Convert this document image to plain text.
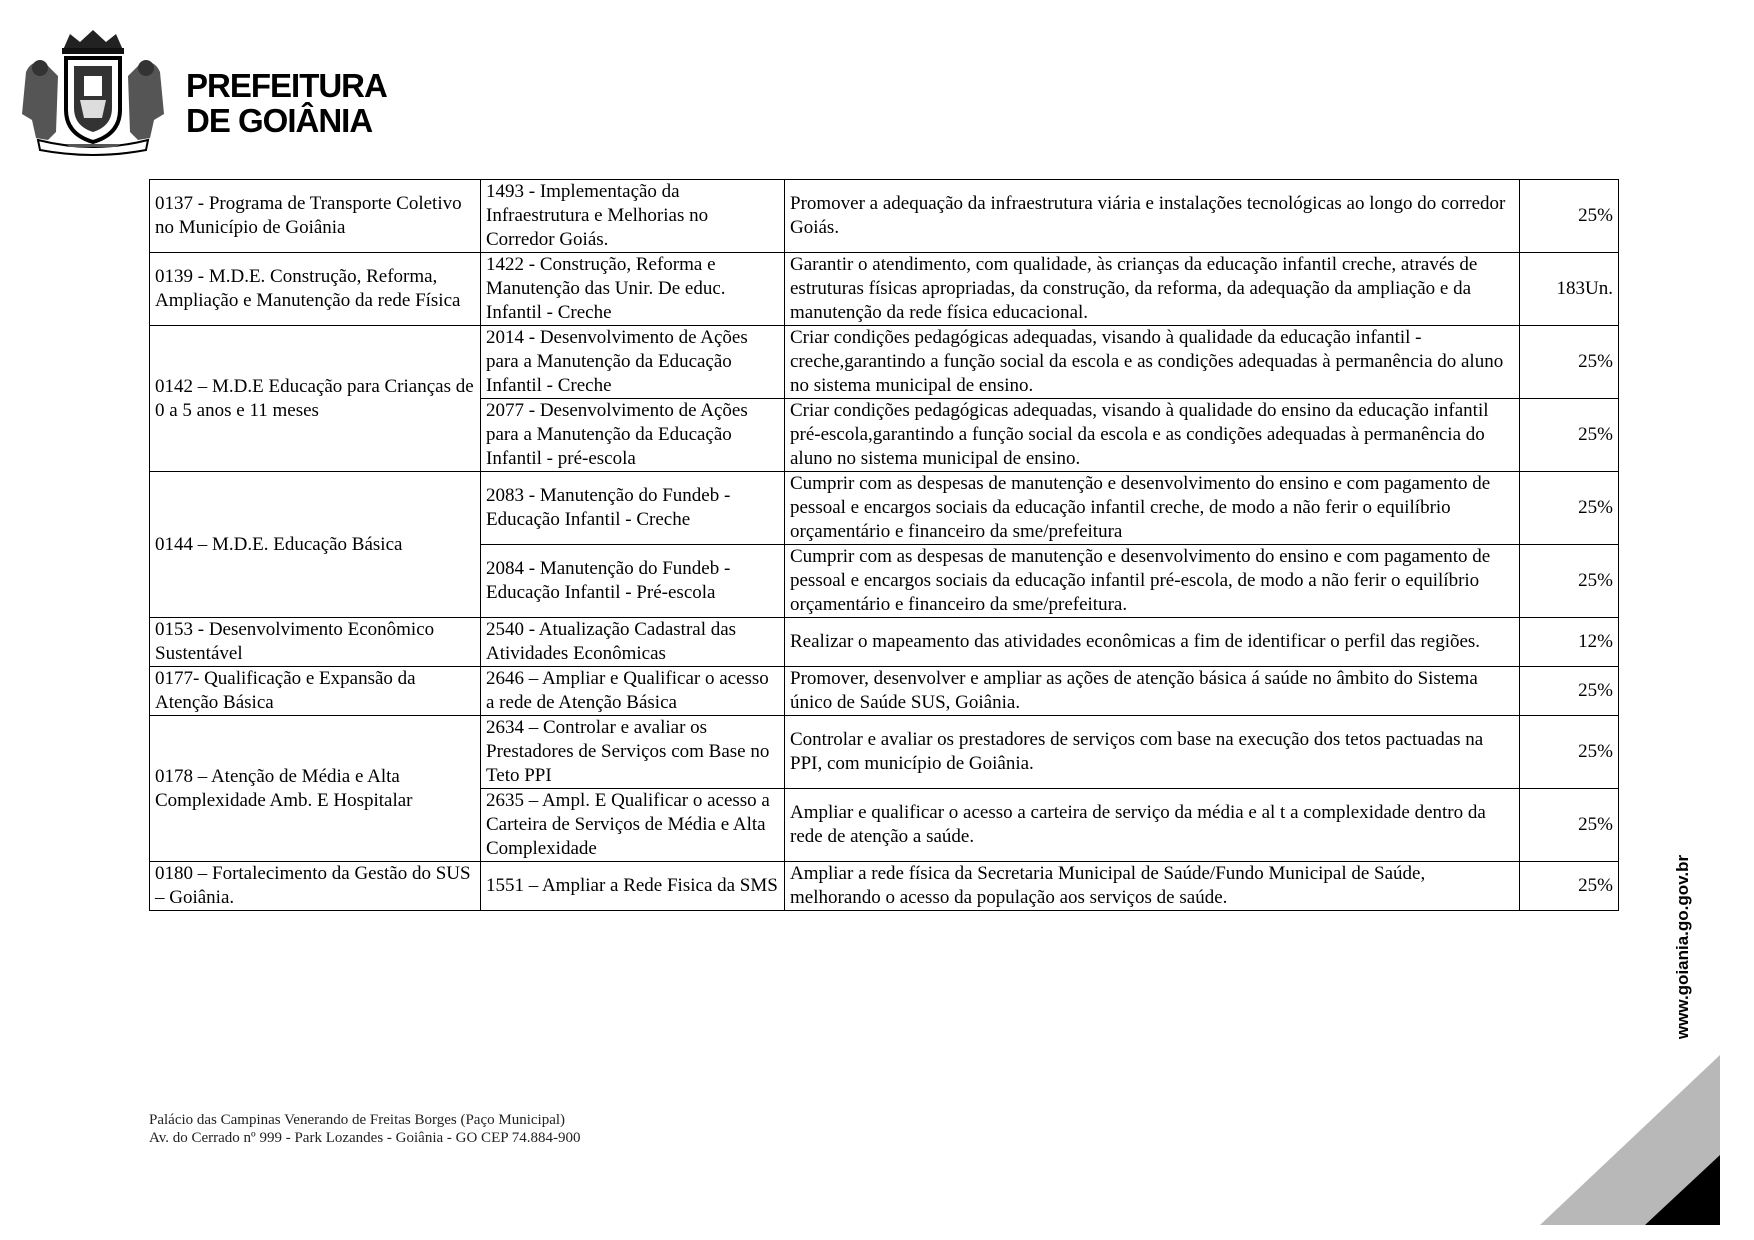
PREFEITURA
DE GOIÂNIA
0137 - Programa de Transporte Coletivo no Município de Goiânia	1493 - Implementação da Infraestrutura e Melhorias no Corredor Goiás.	Promover a adequação da infraestrutura viária e instalações tecnológicas ao longo do corredor Goiás.	25%
0139 - M.D.E. Construção, Reforma, Ampliação e Manutenção da rede Física	1422 - Construção, Reforma e Manutenção das Unir. De educ. Infantil - Creche	Garantir o atendimento, com qualidade, às crianças da educação infantil creche, através de estruturas físicas apropriadas, da construção, da reforma, da adequação da ampliação e da manutenção da rede física educacional.	183Un.
0142 – M.D.E Educação para Crianças de 0 a 5 anos e 11 meses	2014 - Desenvolvimento de Ações para a Manutenção da Educação Infantil - Creche	Criar condições pedagógicas adequadas, visando à qualidade da educação infantil - creche,garantindo a função social da escola e as condições adequadas à permanência do aluno no sistema municipal de ensino.	25%
	2077 - Desenvolvimento de Ações para a Manutenção da Educação Infantil - pré-escola	Criar condições pedagógicas adequadas, visando à qualidade do ensino da educação infantil pré-escola,garantindo a função social da escola e as condições adequadas à permanência do aluno no sistema municipal de ensino.	25%
0144 – M.D.E. Educação Básica	2083 - Manutenção do Fundeb - Educação Infantil - Creche	Cumprir com as despesas de manutenção e desenvolvimento do ensino e com pagamento de pessoal e encargos sociais da educação infantil creche, de modo a não ferir o equilíbrio orçamentário e financeiro da sme/prefeitura	25%
	2084 - Manutenção do Fundeb - Educação Infantil - Pré-escola	Cumprir com as despesas de manutenção e desenvolvimento do ensino e com pagamento de pessoal e encargos sociais da educação infantil pré-escola, de modo a não ferir o equilíbrio orçamentário e financeiro da sme/prefeitura.	25%
0153 - Desenvolvimento Econômico Sustentável	2540 - Atualização Cadastral das Atividades Econômicas	Realizar o mapeamento das atividades econômicas a fim de identificar o perfil das regiões.	12%
0177- Qualificação e Expansão da Atenção Básica	2646 – Ampliar e Qualificar o acesso a rede de Atenção Básica	Promover, desenvolver e ampliar as ações de atenção básica á saúde no âmbito do Sistema único de Saúde SUS, Goiânia.	25%
0178 – Atenção de Média e Alta Complexidade Amb. E Hospitalar	2634 – Controlar e avaliar os Prestadores de Serviços com Base no Teto PPI	Controlar e avaliar os prestadores de serviços com base na execução dos tetos pactuadas na PPI, com município de Goiânia.	25%
	2635 – Ampl. E Qualificar o acesso a Carteira de Serviços de Média e Alta Complexidade	Ampliar e qualificar o acesso a carteira de serviço da média e al t a complexidade dentro da rede de atenção a saúde.	25%
0180 – Fortalecimento da Gestão do SUS – Goiânia.	1551 – Ampliar a Rede Fisica da SMS	Ampliar a rede física da Secretaria Municipal de Saúde/Fundo Municipal de Saúde, melhorando o acesso da população aos serviços de saúde.	25%
Palácio das Campinas Venerando de Freitas Borges (Paço Municipal)
Av. do Cerrado nº 999 - Park Lozandes - Goiânia - GO CEP 74.884-900
www.goiania.go.gov.br
